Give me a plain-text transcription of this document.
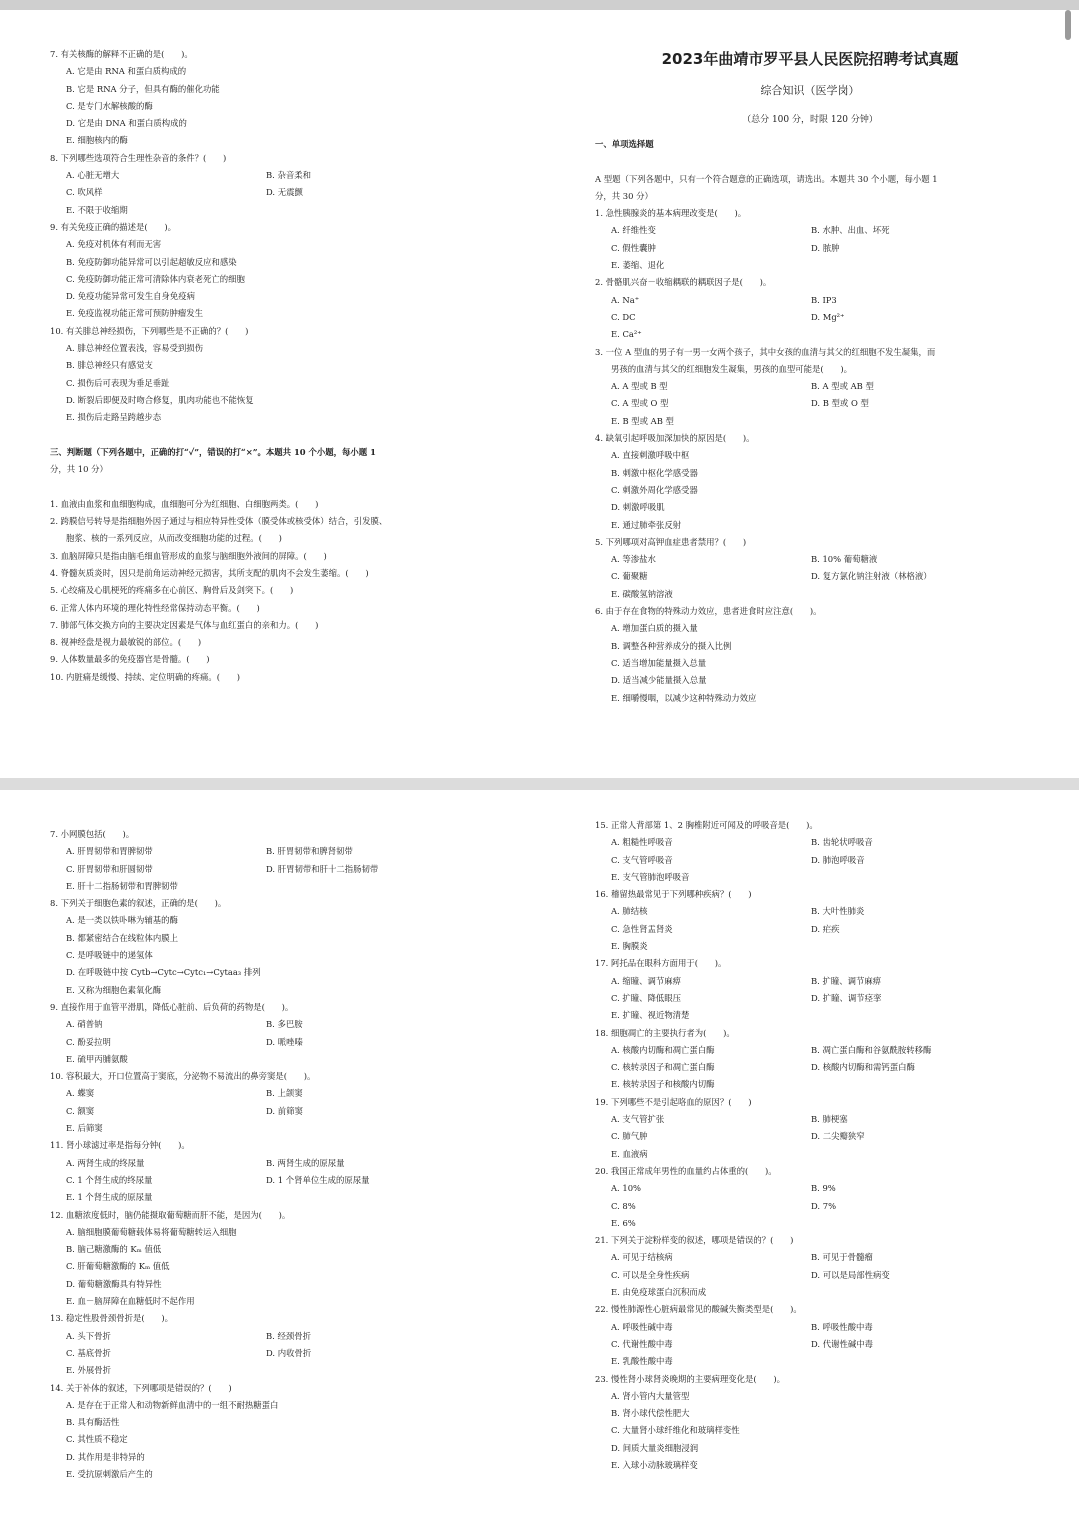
2023年曲靖市罗平县人民医院招聘考试真题
综合知识（医学岗）
（总分 100 分，时限 120 分钟）
7. 有关核酶的解释不正确的是(　　)。
A. 它是由 RNA 和蛋白质构成的
B. 它是 RNA 分子，但具有酶的催化功能
C. 是专门水解核酸的酶
D. 它是由 DNA 和蛋白质构成的
E. 细胞核内的酶
8. 下列哪些选项符合生理性杂音的条件？(　　)
A. 心脏无增大	B. 杂音柔和
C. 吹风样	D. 无震颤
E. 不限于收缩期
9. 有关免疫正确的描述是(　　)。
A. 免疫对机体有利而无害
B. 免疫防御功能异常可以引起超敏反应和感染
C. 免疫防御功能正常可清除体内衰老死亡的细胞
D. 免疫功能异常可发生自身免疫病
E. 免疫监视功能正常可预防肿瘤发生
10. 有关腓总神经损伤，下列哪些是不正确的？(　　)
A. 腓总神经位置表浅，容易受到损伤
B. 腓总神经只有感觉支
C. 损伤后可表现为垂足垂趾
D. 断裂后即便及时吻合修复，肌肉功能也不能恢复
E. 损伤后走路呈跨越步态

三、判断题（下列各题中，正确的打“✓”，错误的打“×”。本题共 10 个小题，每小题 1
分，共 10 分）

1. 血液由血浆和血细胞构成，血细胞可分为红细胞、白细胞两类。(　　)
2. 跨膜信号转导是指细胞外因子通过与相应特异性受体（膜受体或核受体）结合，引发膜、
胞浆、核的一系列反应，从而改变细胞功能的过程。(　　)
3. 血脑屏障只是指由脑毛细血管形成的血浆与脑细胞外液间的屏障。(　　)
4. 脊髓灰质炎时，因只是前角运动神经元损害，其所支配的肌肉不会发生萎缩。(　　)
5. 心绞痛及心肌梗死的疼痛多在心前区、胸骨后及剑突下。(　　)
6. 正常人体内环境的理化特性经常保持动态平衡。(　　)
7. 肺部气体交换方向的主要决定因素是气体与血红蛋白的亲和力。(　　)
8. 视神经盘是视力最敏锐的部位。(　　)
9. 人体数量最多的免疫器官是骨髓。(　　)
10. 内脏痛是缓慢、持续、定位明确的疼痛。(　　)
一、单项选择题

A 型题（下列各题中，只有一个符合题意的正确选项，请选出。本题共 30 个小题，每小题 1
分，共 30 分）
1. 急性胰腺炎的基本病理改变是(　　)。
A. 纤维性变	B. 水肿、出血、坏死
C. 假性囊肿	D. 脓肿
E. 萎缩、退化
2. 骨骼肌兴奋－收缩耦联的耦联因子是(　　)。
A. Na⁺	B. IP3
C. DC	D. Mg²⁺
E. Ca²⁺
3. 一位 A 型血的男子有一男一女两个孩子，其中女孩的血清与其父的红细胞不发生凝集，而
男孩的血清与其父的红细胞发生凝集，男孩的血型可能是(　　)。
A. A 型或 B 型	B. A 型或 AB 型
C. A 型或 O 型	D. B 型或 O 型
E. B 型或 AB 型
4. 缺氧引起呼吸加深加快的原因是(　　)。
A. 直接刺激呼吸中枢
B. 刺激中枢化学感受器
C. 刺激外周化学感受器
D. 刺激呼吸肌
E. 通过肺牵张反射
5. 下列哪项对高钾血症患者禁用？(　　)
A. 等渗盐水	B. 10% 葡萄糖液
C. 葡聚糖	D. 复方氯化钠注射液（林格液）
E. 碳酸氢钠溶液
6. 由于存在食物的特殊动力效应，患者进食时应注意(　　)。
A. 增加蛋白质的摄入量
B. 调整各种营养成分的摄入比例
C. 适当增加能量摄入总量
D. 适当减少能量摄入总量
E. 细嚼慢咽，以减少这种特殊动力效应
7. 小网膜包括(　　)。
A. 肝胃韧带和胃脾韧带	B. 肝胃韧带和脾肾韧带
C. 肝胃韧带和肝圆韧带	D. 肝胃韧带和肝十二指肠韧带
E. 肝十二指肠韧带和胃脾韧带
8. 下列关于细胞色素的叙述，正确的是(　　)。
A. 是一类以铁卟啉为辅基的酶
B. 都紧密结合在线粒体内膜上
C. 是呼吸链中的递氢体
D. 在呼吸链中按 Cytb→Cytc→Cytc₁→Cytaa₃ 排列
E. 又称为细胞色素氧化酶
9. 直接作用于血管平滑肌，降低心脏前、后负荷的药物是(　　)。
A. 硝普钠	B. 多巴胺
C. 酚妥拉明	D. 哌唑嗪
E. 硫甲丙脯氨酸
10. 容积最大，开口位置高于窦底，分泌物不易流出的鼻旁窦是(　　)。
A. 蝶窦	B. 上颌窦
C. 额窦	D. 前筛窦
E. 后筛窦
11. 肾小球滤过率是指每分钟(　　)。
A. 两肾生成的终尿量	B. 两肾生成的原尿量
C. 1 个肾生成的终尿量	D. 1 个肾单位生成的原尿量
E. 1 个肾生成的原尿量
12. 血糖浓度低时，脑仍能摄取葡萄糖而肝不能，是因为(　　)。
A. 脑细胞膜葡萄糖载体易将葡萄糖转运入细胞
B. 脑己糖激酶的 Kₘ 值低
C. 肝葡萄糖激酶的 Kₘ 值低
D. 葡萄糖激酶具有特异性
E. 血－脑屏障在血糖低时不起作用
13. 稳定性股骨颈骨折是(　　)。
A. 头下骨折	B. 经颈骨折
C. 基底骨折	D. 内收骨折
E. 外展骨折
14. 关于补体的叙述，下列哪项是错误的？(　　)
A. 是存在于正常人和动物新鲜血清中的一组不耐热糖蛋白
B. 具有酶活性
C. 其性质不稳定
D. 其作用是非特异的
E. 受抗原刺激后产生的
15. 正常人背部第 1、2 胸椎附近可闻及的呼吸音是(　　)。
A. 粗糙性呼吸音	B. 齿轮状呼吸音
C. 支气管呼吸音	D. 肺泡呼吸音
E. 支气管肺泡呼吸音
16. 稽留热最常见于下列哪种疾病？(　　)
A. 肺结核	B. 大叶性肺炎
C. 急性肾盂肾炎	D. 疟疾
E. 胸膜炎
17. 阿托品在眼科方面用于(　　)。
A. 缩瞳、调节麻痹	B. 扩瞳、调节麻痹
C. 扩瞳、降低眼压	D. 扩瞳、调节痉挛
E. 扩瞳、视近物清楚
18. 细胞凋亡的主要执行者为(　　)。
A. 核酸内切酶和凋亡蛋白酶	B. 凋亡蛋白酶和谷氨酰胺转移酶
C. 核转录因子和凋亡蛋白酶	D. 核酸内切酶和需钙蛋白酶
E. 核转录因子和核酸内切酶
19. 下列哪些不是引起咯血的原因？(　　)
A. 支气管扩张	B. 肺梗塞
C. 肺气肿	D. 二尖瓣狭窄
E. 血液病
20. 我国正常成年男性的血量约占体重的(　　)。
A. 10%	B. 9%
C. 8%	D. 7%
E. 6%
21. 下列关于淀粉样变的叙述，哪项是错误的？(　　)
A. 可见于结核病	B. 可见于骨髓瘤
C. 可以是全身性疾病	D. 可以是局部性病变
E. 由免疫球蛋白沉积而成
22. 慢性肺源性心脏病最常见的酸碱失衡类型是(　　)。
A. 呼吸性碱中毒	B. 呼吸性酸中毒
C. 代谢性酸中毒	D. 代谢性碱中毒
E. 乳酸性酸中毒
23. 慢性肾小球肾炎晚期的主要病理变化是(　　)。
A. 肾小管内大量管型
B. 肾小球代偿性肥大
C. 大量肾小球纤维化和玻璃样变性
D. 间质大量炎细胞浸润
E. 入球小动脉玻璃样变
